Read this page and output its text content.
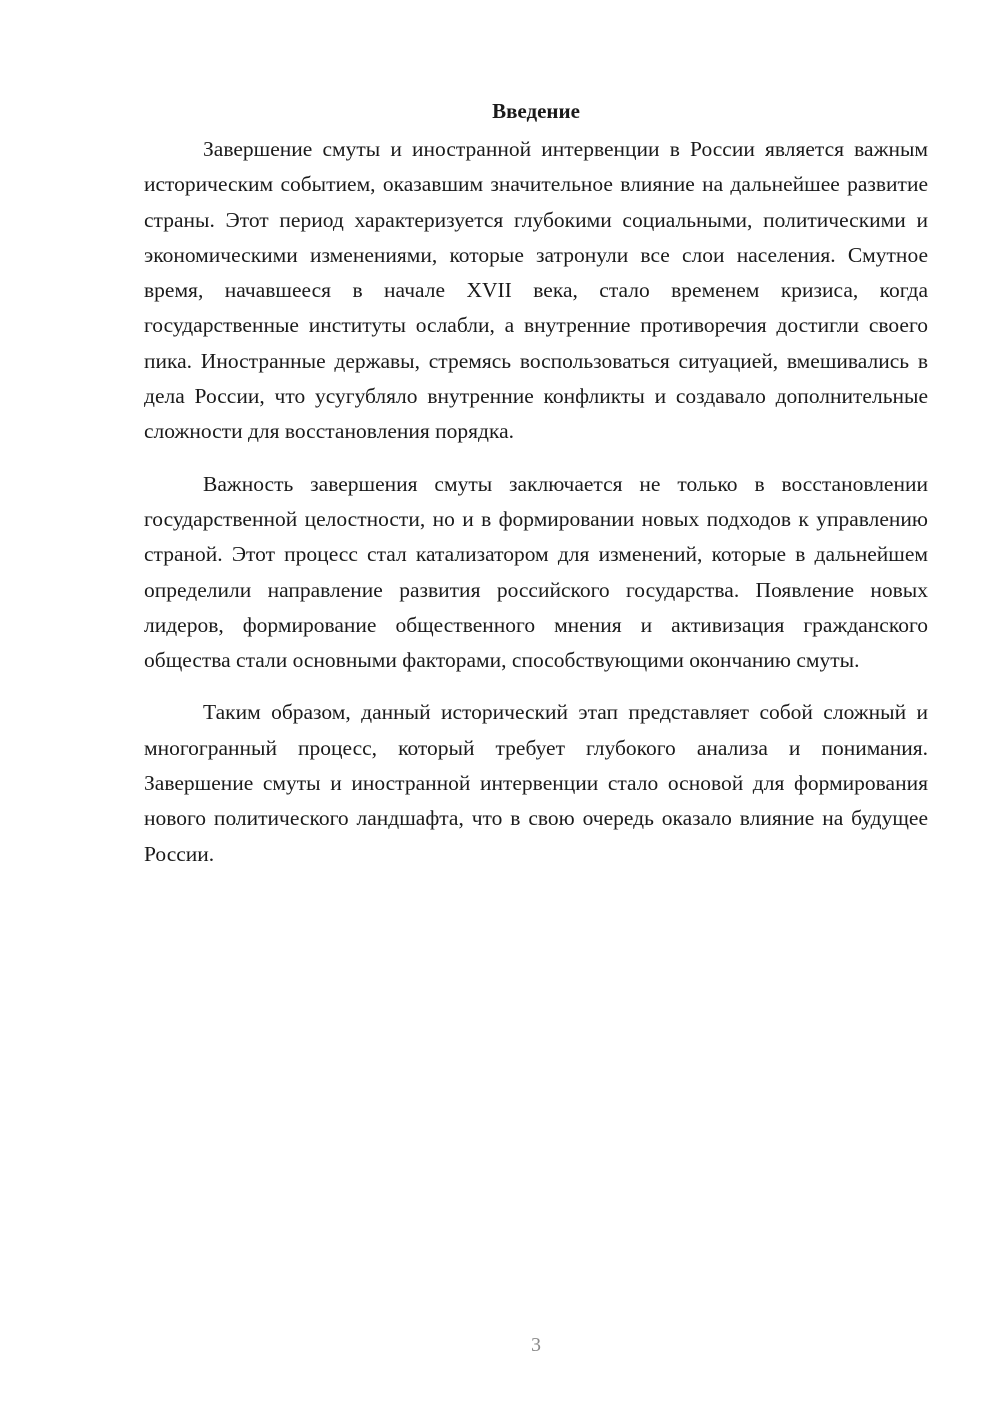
Введение

Завершение смуты и иностранной интервенции в России является важным историческим событием, оказавшим значительное влияние на дальнейшее развитие страны. Этот период характеризуется глубокими социальными, политическими и экономическими изменениями, которые затронули все слои населения. Смутное время, начавшееся в начале XVII века, стало временем кризиса, когда государственные институты ослабли, а внутренние противоречия достигли своего пика. Иностранные державы, стремясь воспользоваться ситуацией, вмешивались в дела России, что усугубляло внутренние конфликты и создавало дополнительные сложности для восстановления порядка.

Важность завершения смуты заключается не только в восстановлении государственной целостности, но и в формировании новых подходов к управлению страной. Этот процесс стал катализатором для изменений, которые в дальнейшем определили направление развития российского государства. Появление новых лидеров, формирование общественного мнения и активизация гражданского общества стали основными факторами, способствующими окончанию смуты.

Таким образом, данный исторический этап представляет собой сложный и многогранный процесс, который требует глубокого анализа и понимания. Завершение смуты и иностранной интервенции стало основой для формирования нового политического ландшафта, что в свою очередь оказало влияние на будущее России.

3
